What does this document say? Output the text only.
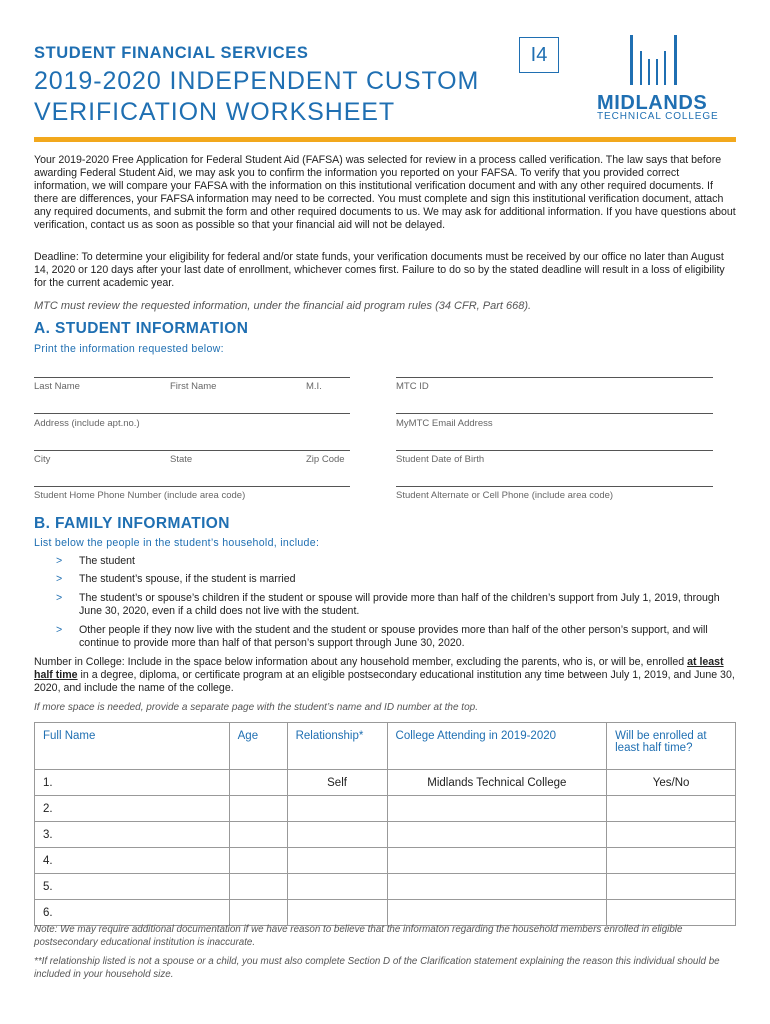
STUDENT FINANCIAL SERVICES
2019-2020 INDEPENDENT CUSTOM
VERIFICATION WORKSHEET
I4
MIDLANDS
TECHNICAL COLLEGE
Your 2019-2020 Free Application for Federal Student Aid (FAFSA) was selected for review in a process called verification. The law says that before awarding Federal Student Aid, we may ask you to confirm the information you reported on your FAFSA. To verify that you provided correct information, we will compare your FAFSA with the information on this institutional verification document and with any other required documents. If there are differences, your FAFSA information may need to be corrected. You must complete and sign this institutional verification document, attach any required documents, and submit the form and other required documents to us. We may ask for additional information. If you have questions about verification, contact us as soon as possible so that your financial aid will not be delayed.
Deadline: To determine your eligibility for federal and/or state funds, your verification documents must be received by our office no later than August 14, 2020 or 120 days after your last date of enrollment, whichever comes first. Failure to do so by the stated deadline will result in a loss of eligibility for the current academic year.
MTC must review the requested information, under the financial aid program rules (34 CFR, Part 668).
A. STUDENT INFORMATION
Print the information requested below:
Last Name	First Name	M.I.	MTC ID
Address (include apt.no.)	MyMTC Email Address
City	State	Zip Code	Student Date of Birth
Student Home Phone Number (include area code)	Student Alternate or Cell Phone (include area code)
B. FAMILY INFORMATION
List below the people in the student’s household, include:
> The student
> The student’s spouse, if the student is married
> The student’s or spouse’s children if the student or spouse will provide more than half of the children’s support from July 1, 2019, through June 30, 2020, even if a child does not live with the student.
> Other people if they now live with the student and the student or spouse provides more than half of the other person’s support, and will continue to provide more than half of that person’s support through June 30, 2020.
Number in College: Include in the space below information about any household member, excluding the parents, who is, or will be, enrolled at least half time in a degree, diploma, or certificate program at an eligible postsecondary educational institution any time between July 1, 2019, and June 30, 2020, and include the name of the college.
If more space is needed, provide a separate page with the student’s name and ID number at the top.
Full Name	Age	Relationship*	College Attending in 2019-2020	Will be enrolled at least half time?
1.		Self	Midlands Technical College	Yes/No
2.				
3.				
4.				
5.				
6.				
Note: We may require additional documentation if we have reason to believe that the informaton regarding the household members enrolled in eligible postsecondary educational institution is inaccurate.
**If relationship listed is not a spouse or a child, you must also complete Section D of the Clarification statement explaining the reason this individual should be included in your household size.
